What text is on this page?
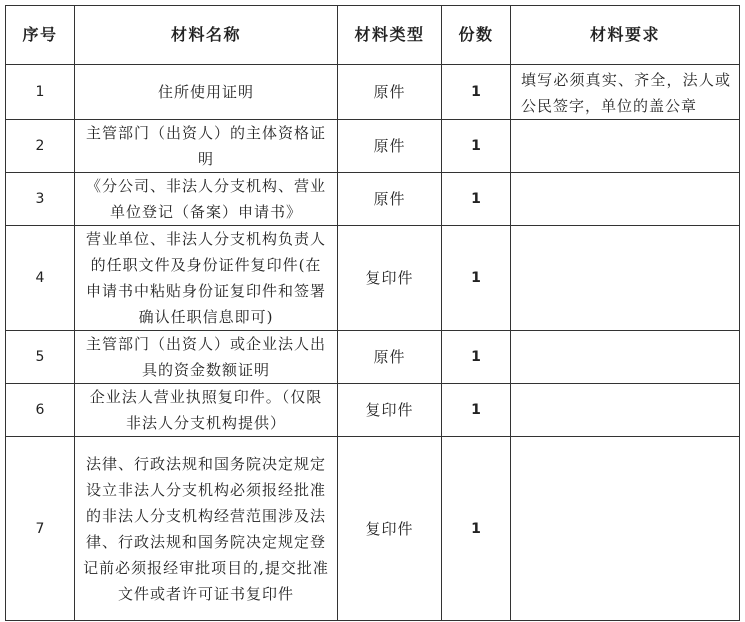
序号	材料名称	材料类型	份数	材料要求
1	住所使用证明	原件	1	填写必须真实、齐全，法人或公民签字，单位的盖公章
2	主管部门（出资人）的主体资格证明	原件	1	
3	《分公司、非法人分支机构、营业单位登记（备案）申请书》	原件	1	
4	营业单位、非法人分支机构负责人的任职文件及身份证件复印件(在申请书中粘贴身份证复印件和签署确认任职信息即可)	复印件	1	
5	主管部门（出资人）或企业法人出具的资金数额证明	原件	1	
6	企业法人营业执照复印件。（仅限非法人分支机构提供）	复印件	1	
7	法律、行政法规和国务院决定规定设立非法人分支机构必须报经批准的非法人分支机构经营范围涉及法律、行政法规和国务院决定规定登记前必须报经审批项目的,提交批准文件或者许可证书复印件	复印件	1	
